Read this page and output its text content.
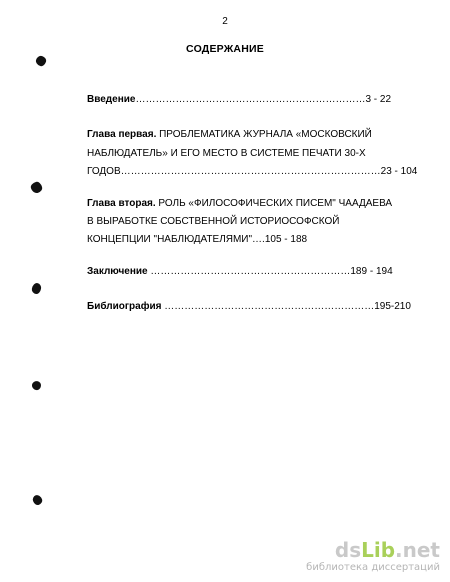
2
СОДЕРЖАНИЕ
Введение……………………………………………………………3 - 22
Глава первая. ПРОБЛЕМАТИКА ЖУРНАЛА «МОСКОВСКИЙ
НАБЛЮДАТЕЛЬ» И ЕГО МЕСТО В СИСТЕМЕ ПЕЧАТИ 30-Х
ГОДОВ……………………………………………………………………23 - 104
Глава вторая. РОЛЬ «ФИЛОСОФИЧЕСКИХ ПИСЕМ" ЧААДАЕВА
В ВЫРАБОТКЕ СОБСТВЕННОЙ ИСТОРИОСОФСКОЙ
КОНЦЕПЦИИ "НАБЛЮДАТЕЛЯМИ"….105 - 188
Заключение ……………………………………………………189 - 194
Библиография ………………………………………………………195-210
dsLib.net
библиотека диссертаций
